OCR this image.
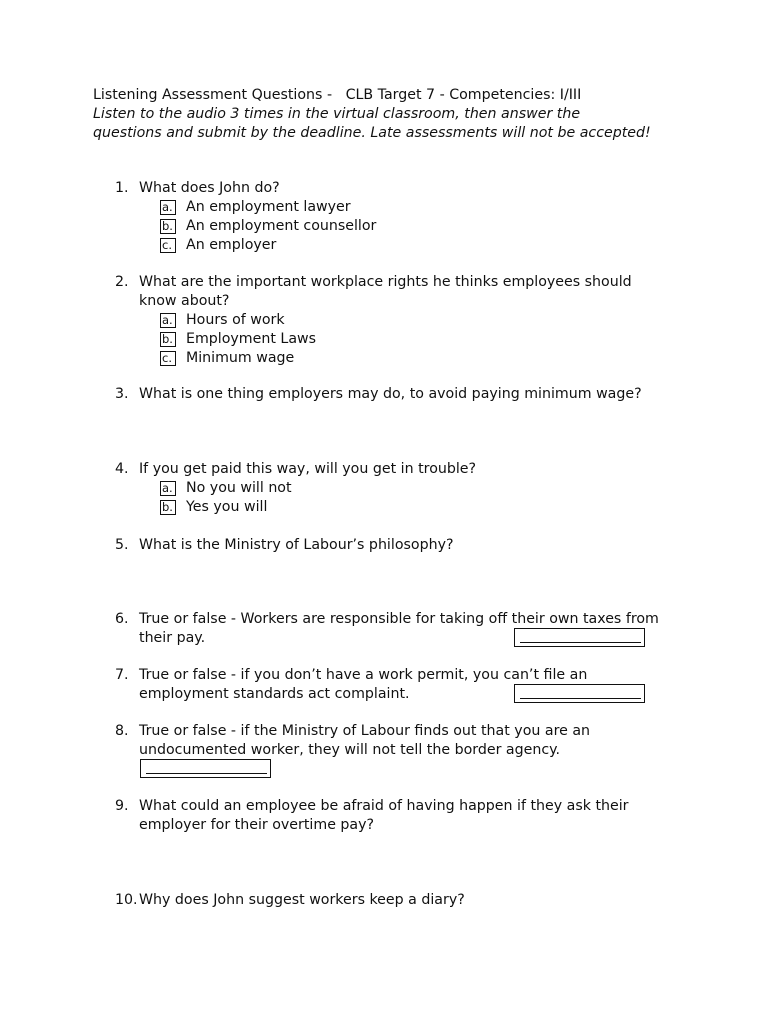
Listening Assessment Questions -   CLB Target 7 - Competencies: I/III
Listen to the audio 3 times in the virtual classroom, then answer the questions and submit by the deadline. Late assessments will not be accepted!
1. What does John do?
a. An employment lawyer
b. An employment counsellor
c. An employer
2. What are the important workplace rights he thinks employees should
know about?
a. Hours of work
b. Employment Laws
c. Minimum wage
3. What is one thing employers may do, to avoid paying minimum wage?
4. If you get paid this way, will you get in trouble?
a. No you will not
b. Yes you will
5. What is the Ministry of Labour’s philosophy?
6. True or false - Workers are responsible for taking off their own taxes from
their pay.
7. True or false - if you don’t have a work permit, you can’t file an
employment standards act complaint.
8. True or false - if the Ministry of Labour finds out that you are an
undocumented worker, they will not tell the border agency.
9. What could an employee be afraid of having happen if they ask their
employer for their overtime pay?
10. Why does John suggest workers keep a diary?
